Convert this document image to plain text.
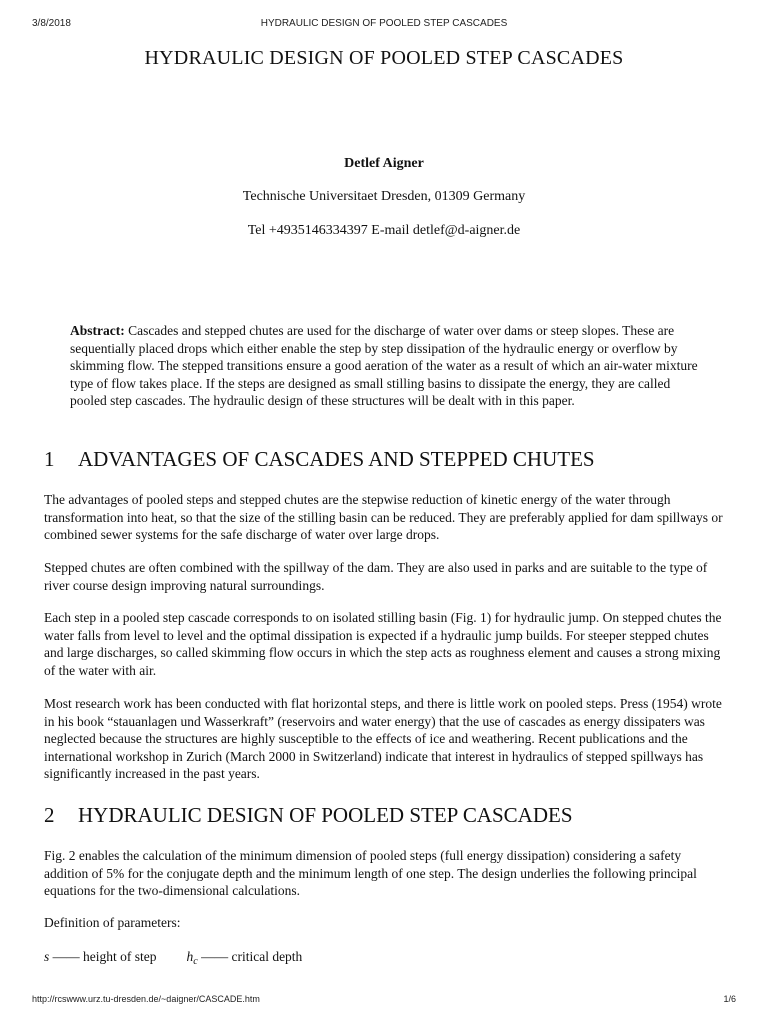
3/8/2018	HYDRAULIC DESIGN OF POOLED STEP CASCADES
HYDRAULIC DESIGN OF POOLED STEP CASCADES
Detlef Aigner
Technische Universitaet Dresden, 01309 Germany
Tel +4935146334397 E-mail detlef@d-aigner.de
Abstract: Cascades and stepped chutes are used for the discharge of water over dams or steep slopes. These are sequentially placed drops which either enable the step by step dissipation of the hydraulic energy or overflow by skimming flow. The stepped transitions ensure a good aeration of the water as a result of which an air-water mixture type of flow takes place. If the steps are designed as small stilling basins to dissipate the energy, they are called pooled step cascades. The hydraulic design of these structures will be dealt with in this paper.
1 ADVANTAGES OF CASCADES AND STEPPED CHUTES

The advantages of pooled steps and stepped chutes are the stepwise reduction of kinetic energy of the water through transformation into heat, so that the size of the stilling basin can be reduced. They are preferably applied for dam spillways or combined sewer systems for the safe discharge of water over large drops.

Stepped chutes are often combined with the spillway of the dam. They are also used in parks and are suitable to the type of river course design improving natural surroundings.

Each step in a pooled step cascade corresponds to on isolated stilling basin (Fig. 1) for hydraulic jump. On stepped chutes the water falls from level to level and the optimal dissipation is expected if a hydraulic jump builds. For steeper stepped chutes and large discharges, so called skimming flow occurs in which the step acts as roughness element and causes a strong mixing of the water with air.

Most research work has been conducted with flat horizontal steps, and there is little work on pooled steps. Press (1954) wrote in his book “stauanlagen und Wasserkraft” (reservoirs and water energy) that the use of cascades as energy dissipaters was neglected because the structures are highly susceptible to the effects of ice and weathering. Recent publications and the international workshop in Zurich (March 2000 in Switzerland) indicate that interest in hydraulics of stepped spillways has significantly increased in the past years.

2 HYDRAULIC DESIGN OF POOLED STEP CASCADES

Fig. 2 enables the calculation of the minimum dimension of pooled steps (full energy dissipation) considering a safety addition of 5% for the conjugate depth and the minimum length of one step. The design underlies the following principal equations for the two-dimensional calculations.

Definition of parameters:

s —— height of step $h_c$ —— critical depth

http://rcswww.urz.tu-dresden.de/~daigner/CASCADE.htm	1/6
